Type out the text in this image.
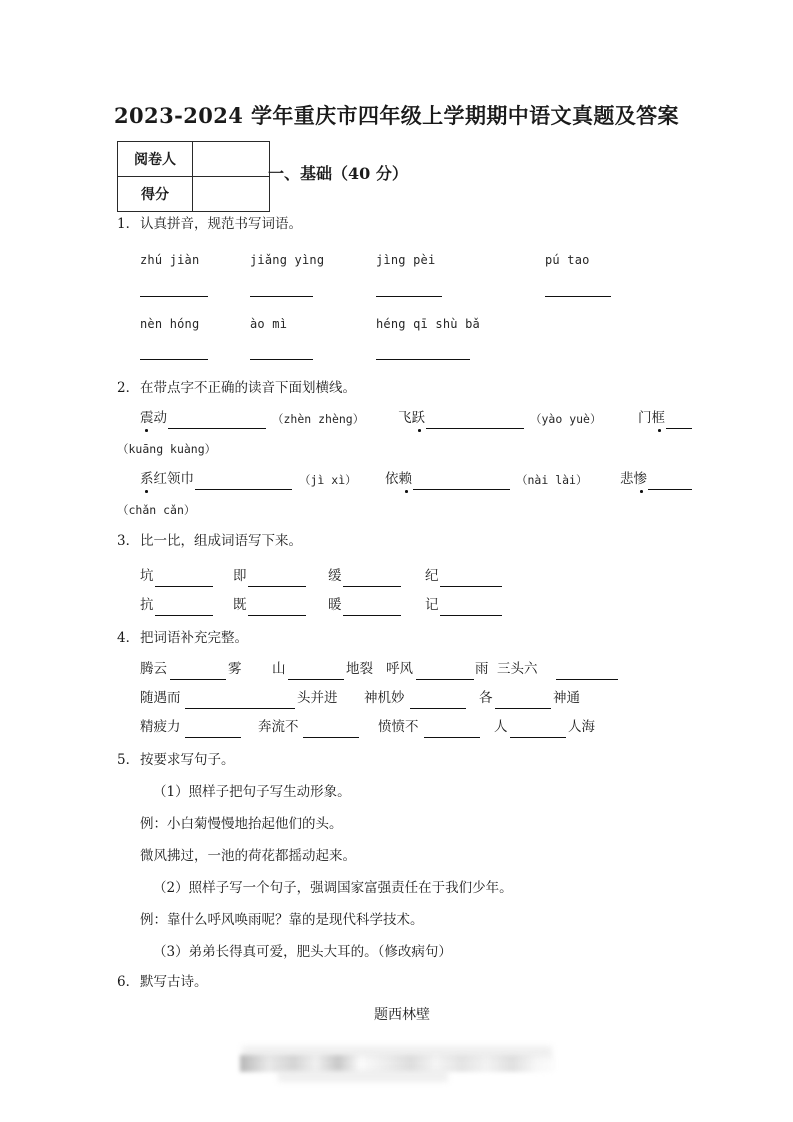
2023-2024 学年重庆市四年级上学期期中语文真题及答案
阅卷人	
得分	
一、基础（40 分）
1． 认真拼音，规范书写词语。
zhú jiàn	jiǎng yìng	jìng pèi	pú tao
nèn hóng	ào mì	héng qī shù bǎ
2． 在带点字不正确的读音下面划横线。
震动	（zhèn zhèng）	飞跃	（yào yuè）	门框
（kuāng kuàng）
系红领巾	（jì xì） 依赖	（nài lài） 悲惨
（chǎn cǎn）
3． 比一比，组成词语写下来。
坑	即	缓	纪
抗	既	暖	记
4． 把词语补充完整。
腾云	雾 山	地裂 呼风	雨 三头六
随遇而	头并进 神机妙	各	神通
精疲力	奔流不	愤愤不	人	人海
5． 按要求写句子。
（1）照样子把句子写生动形象。
例：小白菊慢慢地抬起他们的头。
微风拂过，一池的荷花都摇动起来。
（2）照样子写一个句子，强调国家富强责任在于我们少年。
例：靠什么呼风唤雨呢？靠的是现代科学技术。
（3）弟弟长得真可爱，肥头大耳的。（修改病句）
6． 默写古诗。
题西林壁
